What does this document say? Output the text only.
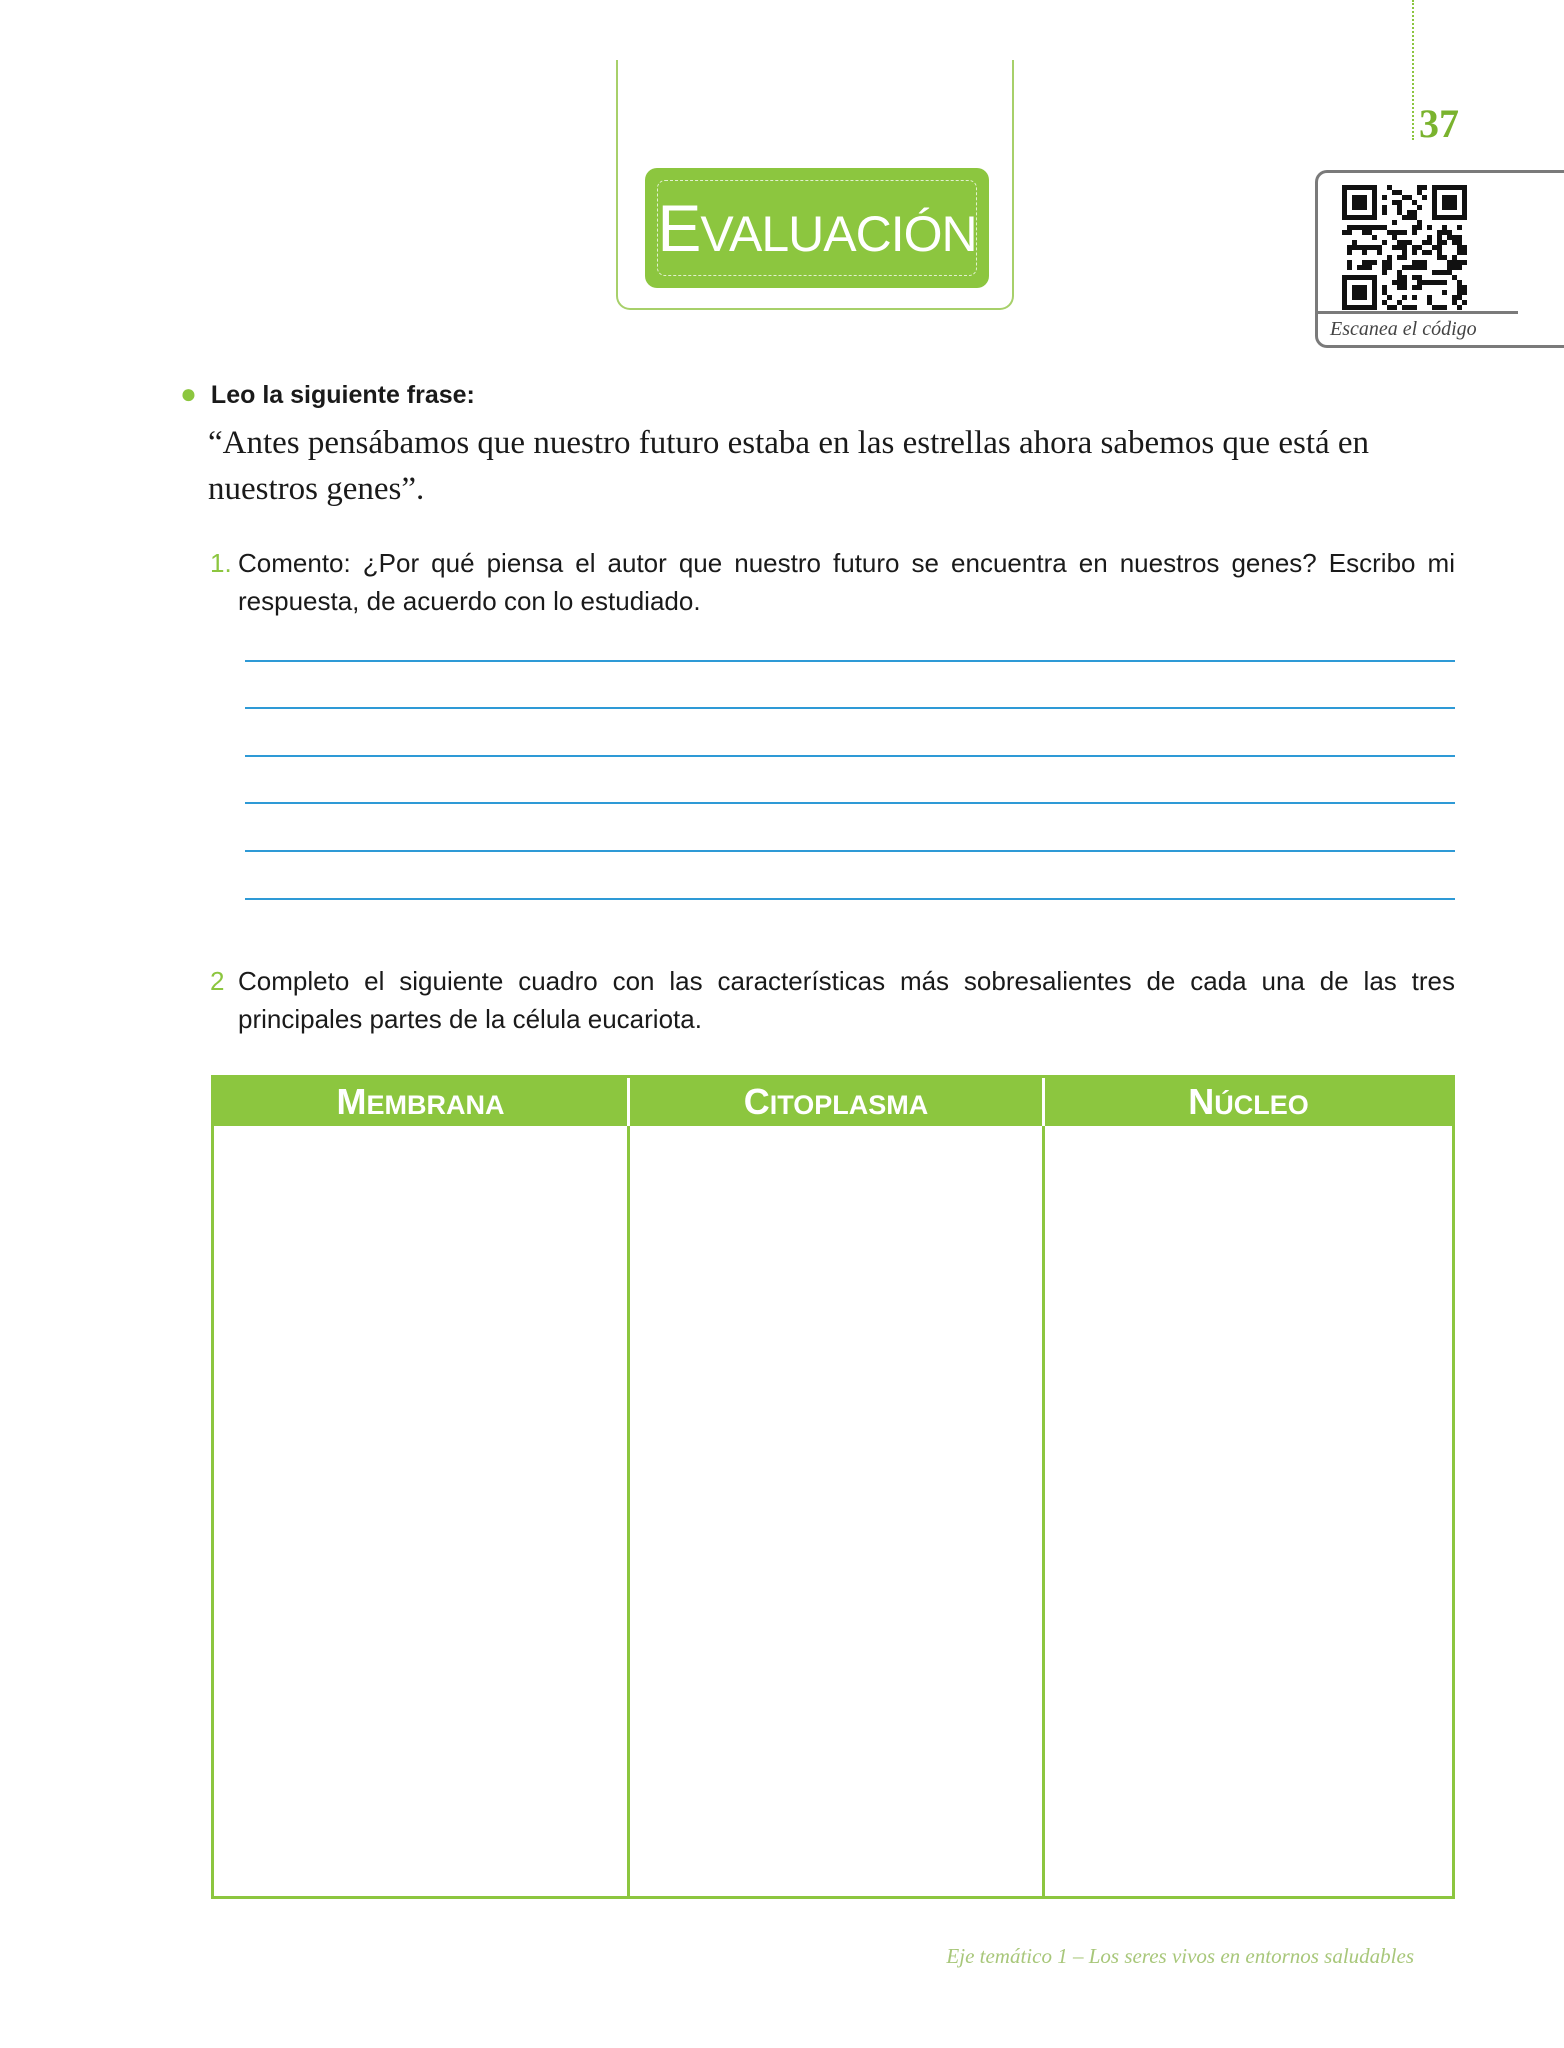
37
EVALUACIÓN
Escanea el código
● Leo la siguiente frase:
“Antes pensábamos que nuestro futuro estaba en las estrellas ahora sabemos que está en nuestros genes”.
1. Comento: ¿Por qué piensa el autor que nuestro futuro se encuentra en nuestros genes? Escribo mi respuesta, de acuerdo con lo estudiado.
2 Completo el siguiente cuadro con las características más sobresalientes de cada una de las tres principales partes de la célula eucariota.
MEMBRANA	CITOPLASMA	NÚCLEO
Eje temático 1 – Los seres vivos en entornos saludables
